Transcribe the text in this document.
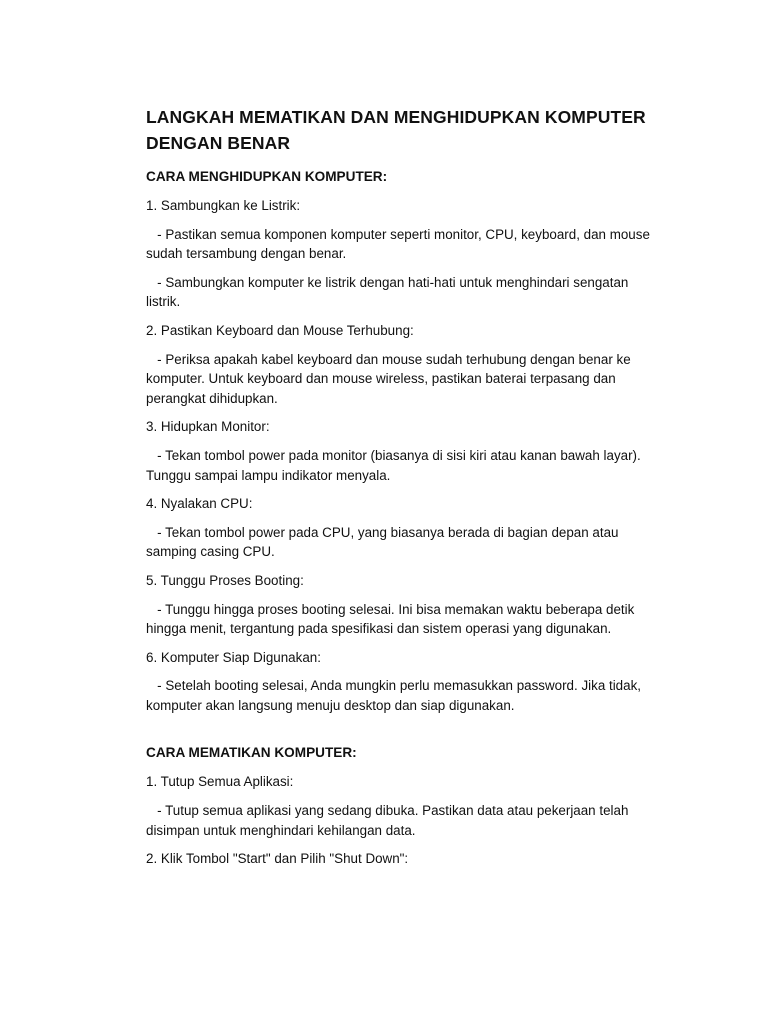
LANGKAH MEMATIKAN DAN MENGHIDUPKAN KOMPUTER DENGAN BENAR
CARA MENGHIDUPKAN KOMPUTER:

1. Sambungkan ke Listrik:

- Pastikan semua komponen komputer seperti monitor, CPU, keyboard, dan mouse sudah tersambung dengan benar.

- Sambungkan komputer ke listrik dengan hati-hati untuk menghindari sengatan listrik.

2. Pastikan Keyboard dan Mouse Terhubung:

- Periksa apakah kabel keyboard dan mouse sudah terhubung dengan benar ke komputer. Untuk keyboard dan mouse wireless, pastikan baterai terpasang dan perangkat dihidupkan.

3. Hidupkan Monitor:

- Tekan tombol power pada monitor (biasanya di sisi kiri atau kanan bawah layar). Tunggu sampai lampu indikator menyala.

4. Nyalakan CPU:

- Tekan tombol power pada CPU, yang biasanya berada di bagian depan atau samping casing CPU.

5. Tunggu Proses Booting:

- Tunggu hingga proses booting selesai. Ini bisa memakan waktu beberapa detik hingga menit, tergantung pada spesifikasi dan sistem operasi yang digunakan.

6. Komputer Siap Digunakan:

- Setelah booting selesai, Anda mungkin perlu memasukkan password. Jika tidak, komputer akan langsung menuju desktop dan siap digunakan.

CARA MEMATIKAN KOMPUTER:

1. Tutup Semua Aplikasi:

- Tutup semua aplikasi yang sedang dibuka. Pastikan data atau pekerjaan telah disimpan untuk menghindari kehilangan data.

2. Klik Tombol "Start" dan Pilih "Shut Down":
